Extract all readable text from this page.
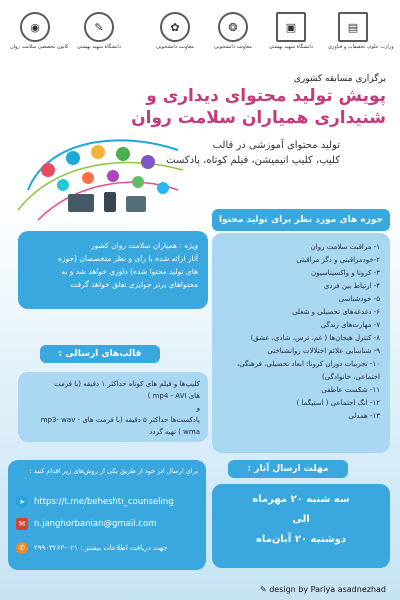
◉
کانون تخصصی سلامت روان
✎
دانشگاه شهید بهشتی
✿
معاونت دانشجویی
❂
معاونت دانشجویی
▣
دانشگاه شهید بهشتی
▤
وزارت علوم، تحقیقات و فناوری
برگزاری مسابقه کشوری
پویش تولید محتوای دیداری و
شنیداری همیاران سلامت روان
تولید محتوای آموزشی در قالب
کلیپ، کلیپ انیمیشن، فیلم کوتاه، پادکست
حوزه های مورد نظر برای تولید محتوا
۱- مراقبت سلامت روان
۲-خودمراقبتی و دگر مراقبتی
۳- کرونا و واکسیناسیون
۴- ارتباط بین فردی
۵- خودشناسی
۶- دغدغه‌های تحصیلی و شغلی
۷- مهارت‌های زندگی
۸- کنترل هیجان‌ها ( غم، ترس، شادی، عشق)
۹- شناسایی علائم اختلالات روانشناختی
۱۰- تجربیات دوران کرونا: ابعاد تحصیلی، فرهنگی،
اجتماعی، خانوادگی)
۱۱- شکست عاطفی
۱۲- انگ اجتماعی ( استیگما )
۱۳- همدلی

ویژه : همیاران سلامت روان کشور

آثار ارائه شده با رای و نظر متخصصان (حوزه

های تولید محتوا شده) داوری خواهد شد و به

محتواهای برتر جوایزی تعلق خواهد گرفت

قالب‌های ارسالی :

کلیپ‌ها و فیلم های کوتاه حداکثر ۱ دقیقه (با فرمت

های mp4 - AVI )

و

پادکست‌ها حداکثر ۵ دقیقه (با فرمت های - mp3- wav

wma ) تهیه گردد

مهلت ارسال آثار :

سه شنبه ۲۰ مهرماه

الی

دوشنبه ۲۰ آبان‌ماه

برای ارسال اثر خود از طریق یکی از روش‌های زیر اقدام کنید :

➤	https://t.me/beheshti_counseling
M	n.janghorbanian@gmail.com
✆	جهت دریافت اطلاعات بیشتر : ۰۲۱-۲۹۹۰۳۲۶۳
✎ design by Pariya asadnezhad
